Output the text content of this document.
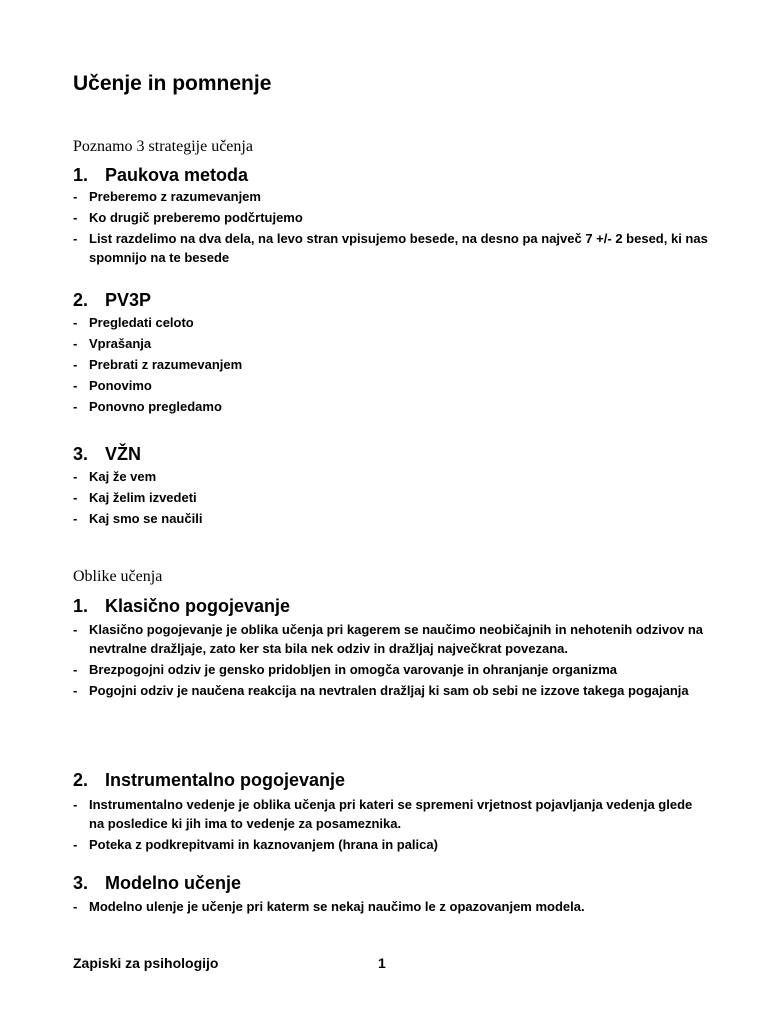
Učenje in pomnenje

Poznamo 3 strategije učenja

1. Paukova metoda
- Preberemo z razumevanjem
- Ko drugič preberemo podčrtujemo
- List razdelimo na dva dela, na levo stran vpisujemo besede, na desno pa največ 7 +/- 2 besed, ki nas spomnijo na te besede
2. PV3P
- Pregledati celoto
- Vprašanja
- Prebrati z razumevanjem
- Ponovimo
- Ponovno pregledamo
3. VŽN
- Kaj že vem
- Kaj želim izvedeti
- Kaj smo se naučili

Oblike učenja

1. Klasično pogojevanje
- Klasično pogojevanje je oblika učenja pri kagerem se naučimo neobičajnih in nehotenih odzivov na nevtralne dražljaje, zato ker sta bila nek odziv in dražljaj največkrat povezana.
- Brezpogojni odziv je gensko pridobljen in omogča varovanje in ohranjanje organizma
- Pogojni odziv je naučena reakcija na nevtralen dražljaj ki sam ob sebi ne izzove takega pogajanja
2. Instrumentalno pogojevanje
- Instrumentalno vedenje je oblika učenja pri kateri se spremeni vrjetnost pojavljanja vedenja glede na posledice ki jih ima to vedenje za posameznika.
- Poteka z podkrepitvami in kaznovanjem (hrana in palica)
3. Modelno učenje
- Modelno ulenje je učenje pri katerm se nekaj naučimo le z opazovanjem modela.
Zapiski za psihologijo	1
